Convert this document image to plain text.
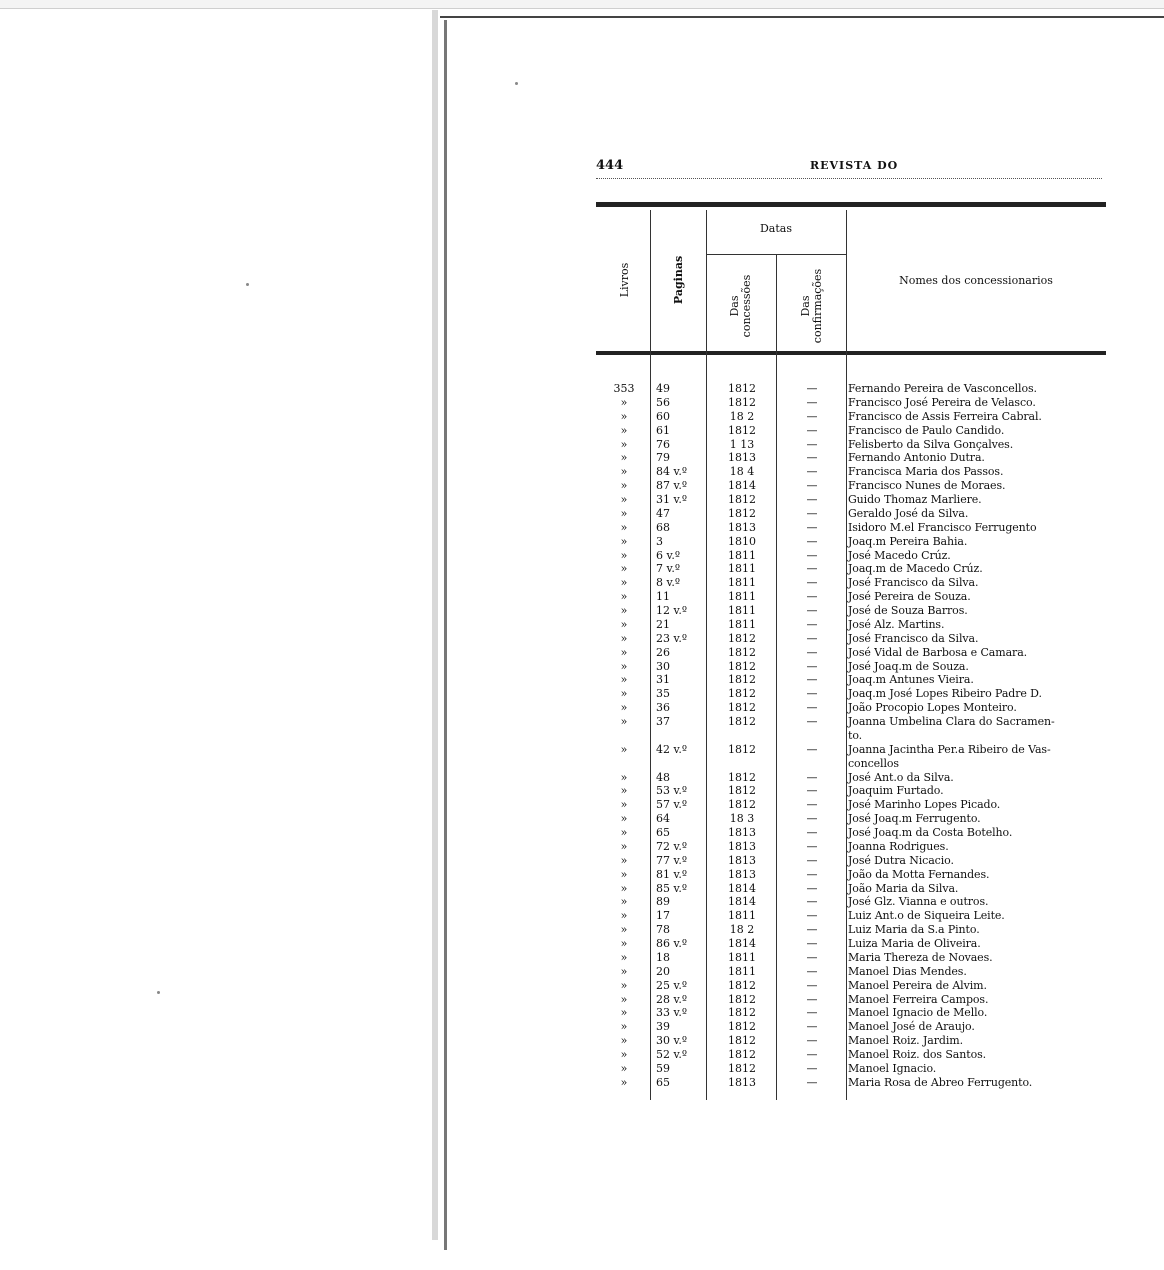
444	REVISTA DO
Livros	Paginas
Datas
Das concessões	Das confirmações	Nomes dos concessionarios
353	49	1812	—	Fernando Pereira de Vasconcellos.
»	56	1812	—	Francisco José Pereira de Velasco.
»	60	18 2	—	Francisco de Assis Ferreira Cabral.
»	61	1812	—	Francisco de Paulo Candido.
»	76	1 13	—	Felisberto da Silva Gonçalves.
»	79	1813	—	Fernando Antonio Dutra.
»	84 v.º	18 4	—	Francisca Maria dos Passos.
»	87 v.º	1814	—	Francisco Nunes de Moraes.
»	31 v.º	1812	—	Guido Thomaz Marliere.
»	47	1812	—	Geraldo José da Silva.
»	68	1813	—	Isidoro M.el Francisco Ferrugento
»	3	1810	—	Joaq.m Pereira Bahia.
»	6 v.º	1811	—	José Macedo Crúz.
»	7 v.º	1811	—	Joaq.m de Macedo Crúz.
»	8 v.º	1811	—	José Francisco da Silva.
»	11	1811	—	José Pereira de Souza.
»	12 v.º	1811	—	José de Souza Barros.
»	21	1811	—	José Alz. Martins.
»	23 v.º	1812	—	José Francisco da Silva.
»	26	1812	—	José Vidal de Barbosa e Camara.
»	30	1812	—	José Joaq.m de Souza.
»	31	1812	—	Joaq.m Antunes Vieira.
»	35	1812	—	Joaq.m José Lopes Ribeiro Padre D.
»	36	1812	—	João Procopio Lopes Monteiro.
»	37	1812	—	Joanna Umbelina Clara do Sacramen-
to.
»	42 v.º	1812	—	Joanna Jacintha Per.a Ribeiro de Vas-
concellos
»	48	1812	—	José Ant.o da Silva.
»	53 v.º	1812	—	Joaquim Furtado.
»	57 v.º	1812	—	José Marinho Lopes Picado.
»	64	18 3	—	José Joaq.m Ferrugento.
»	65	1813	—	José Joaq.m da Costa Botelho.
»	72 v.º	1813	—	Joanna Rodrigues.
»	77 v.º	1813	—	José Dutra Nicacio.
»	81 v.º	1813	—	João da Motta Fernandes.
»	85 v.º	1814	—	João Maria da Silva.
»	89	1814	—	José Glz. Vianna e outros.
»	17	1811	—	Luiz Ant.o de Siqueira Leite.
»	78	18 2	—	Luiz Maria da S.a Pinto.
»	86 v.º	1814	—	Luiza Maria de Oliveira.
»	18	1811	—	Maria Thereza de Novaes.
»	20	1811	—	Manoel Dias Mendes.
»	25 v.º	1812	—	Manoel Pereira de Alvim.
»	28 v.º	1812	—	Manoel Ferreira Campos.
»	33 v.º	1812	—	Manoel Ignacio de Mello.
»	39	1812	—	Manoel José de Araujo.
»	30 v.º	1812	—	Manoel Roiz. Jardim.
»	52 v.º	1812	—	Manoel Roiz. dos Santos.
»	59	1812	—	Manoel Ignacio.
»	65	1813	—	Maria Rosa de Abreo Ferrugento.
